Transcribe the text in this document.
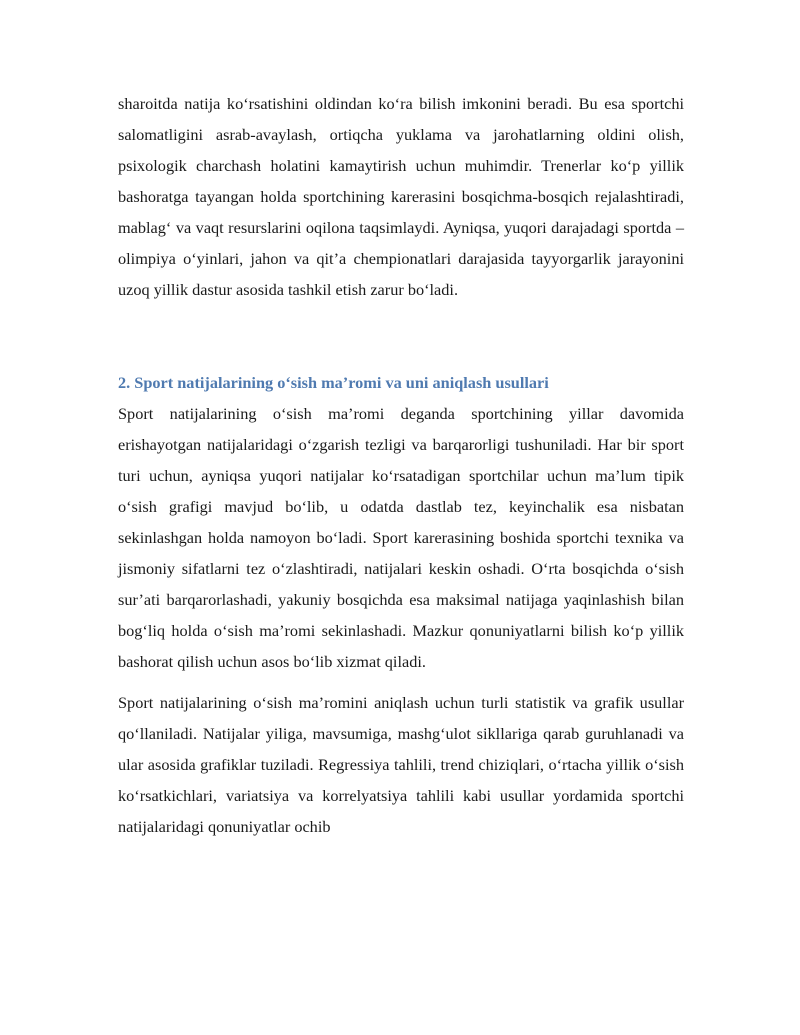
sharoitda natija ko‘rsatishini oldindan ko‘ra bilish imkonini beradi. Bu esa sportchi salomatligini asrab-avaylash, ortiqcha yuklama va jarohatlarning oldini olish, psixologik charchash holatini kamaytirish uchun muhimdir. Trenerlar ko‘p yillik bashoratga tayangan holda sportchining karerasini bosqichma-bosqich rejalashtiradi, mablag‘ va vaqt resurslarini oqilona taqsimlaydi. Ayniqsa, yuqori darajadagi sportda – olimpiya o‘yinlari, jahon va qit’a chempionatlari darajasida tayyorgarlik jarayonini uzoq yillik dastur asosida tashkil etish zarur bo‘ladi.

2. Sport natijalarining o‘sish ma’romi va uni aniqlash usullari

Sport natijalarining o‘sish ma’romi deganda sportchining yillar davomida erishayotgan natijalaridagi o‘zgarish tezligi va barqarorligi tushuniladi. Har bir sport turi uchun, ayniqsa yuqori natijalar ko‘rsatadigan sportchilar uchun ma’lum tipik o‘sish grafigi mavjud bo‘lib, u odatda dastlab tez, keyinchalik esa nisbatan sekinlashgan holda namoyon bo‘ladi. Sport karerasining boshida sportchi texnika va jismoniy sifatlarni tez o‘zlashtiradi, natijalari keskin oshadi. O‘rta bosqichda o‘sish sur’ati barqarorlashadi, yakuniy bosqichda esa maksimal natijaga yaqinlashish bilan bog‘liq holda o‘sish ma’romi sekinlashadi. Mazkur qonuniyatlarni bilish ko‘p yillik bashorat qilish uchun asos bo‘lib xizmat qiladi.

Sport natijalarining o‘sish ma’romini aniqlash uchun turli statistik va grafik usullar qo‘llaniladi. Natijalar yiliga, mavsumiga, mashg‘ulot sikllariga qarab guruhlanadi va ular asosida grafiklar tuziladi. Regressiya tahlili, trend chiziqlari, o‘rtacha yillik o‘sish ko‘rsatkichlari, variatsiya va korrelyatsiya tahlili kabi usullar yordamida sportchi natijalaridagi qonuniyatlar ochib
